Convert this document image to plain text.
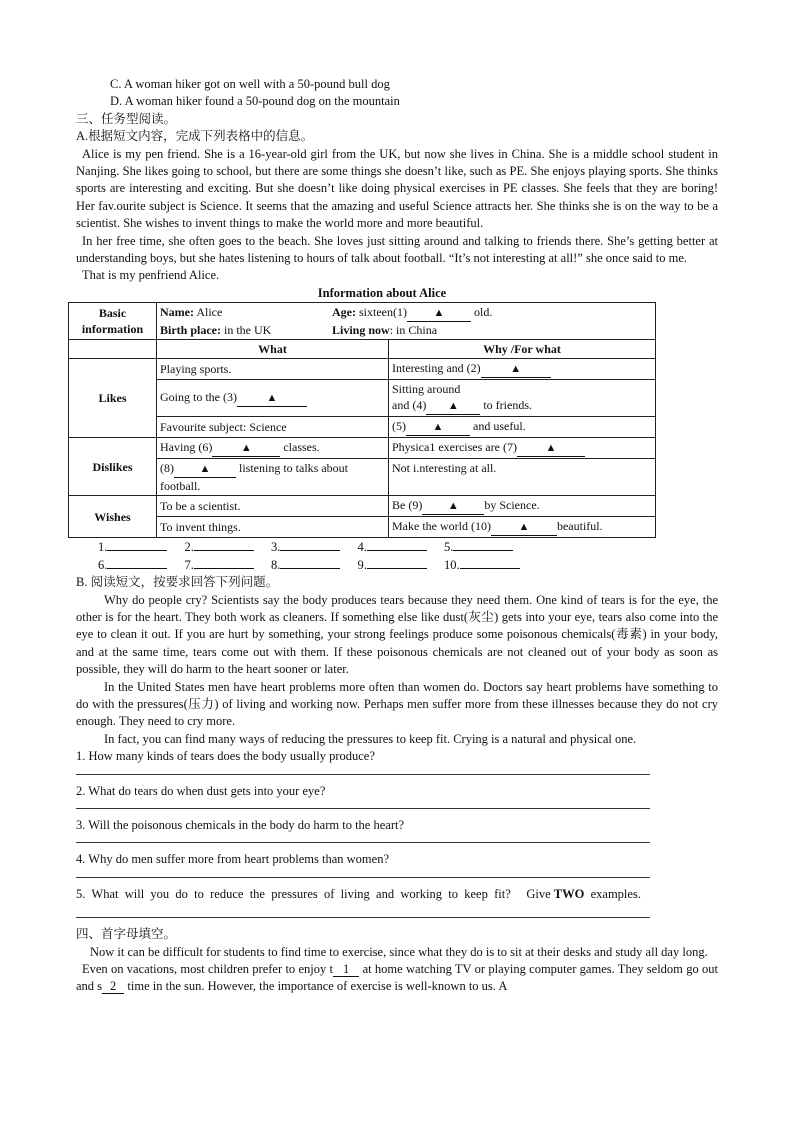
C. A woman hiker got on well with a 50-pound bull dog
D. A woman hiker found a 50-pound dog on the mountain
三、任务型阅读。
A.根据短文内容，完成下列表格中的信息。

Alice is my pen friend. She is a 16-year-old girl from the UK, but now she lives in China. She is a middle school student in Nanjing. She likes going to school, but there are some things she doesn’t like, such as PE. She enjoys playing sports. She thinks sports are interesting and exciting. But she doesn’t like doing physical exercises in PE classes. She feels that they are boring! Her fav.ourite subject is Science. It seems that the amazing and useful Science attracts her. She thinks she is on the way to be a scientist. She wishes to invent things to make the world more and more beautiful.

In her free time, she often goes to the beach. She loves just sitting around and talking to friends there. She’s getting better at understanding boys, but she hates listening to hours of talk about football. “It’s not interesting at all!” she once said to me.

That is my penfriend Alice.

Information about Alice
Basic information	Name: Alice Age: sixteen(1) ▲ old.
Birth place: in the UK Living now: in China

	What	Why /For what
Likes	Playing sports.	Interesting and (2)▲
	Going to the (3)▲	Sitting around
and (4) ▲ to friends.

	Favourite subject: Science	(5) ▲ and useful.
Dislikes	Having (6) ▲ classes.	Physica1 exercises are (7)▲
	(8) ▲ listening to talks about football.	Not i.nteresting at all.
Wishes	To be a scientist.	Be (9) ▲ by Science.
	To invent things.	Make the world (10) ▲ beautiful.
1.	2.	3.	4.	5.
6.	7.	8.	9.	10.
B. 阅读短文，按要求回答下列问题。

Why do people cry? Scientists say the body produces tears because they need them. One kind of tears is for the eye, the other is for the heart. They both work as cleaners. If something else like dust(灰尘) gets into your eye, tears also come into the eye to clean it out. If you are hurt by something, your strong feelings produce some poisonous chemicals(毒素) in your body, and at the same time, tears come out with them. If these poisonous chemicals are not cleaned out of your body as soon as possible, they will do harm to the heart sooner or later.

In the United States men have heart problems more often than women do. Doctors say heart problems have something to do with the pressures(压力) of living and working now. Perhaps men suffer more from these illnesses because they do not cry enough. They need to cry more.

In fact, you can find many ways of reducing the pressures to keep fit. Crying is a natural and physical one.

1. How many kinds of tears does the body usually produce?
2. What do tears do when dust gets into your eye?
3. Will the poisonous chemicals in the body do harm to the heart?
4. Why do men suffer more from heart problems than women?
5.  What  will  you  do  to  reduce  the  pressures  of  living  and  working  to  keep  fit?     Give TWO  examples.
四、首字母填空。

Now it can be difficult for students to find time to exercise, since what they do is to sit at their desks and study all day long.

Even on vacations, most children prefer to enjoy t 1 at home watching TV or playing computer games. They seldom go out and s 2 time in the sun. However, the importance of exercise is well-known to us. A
